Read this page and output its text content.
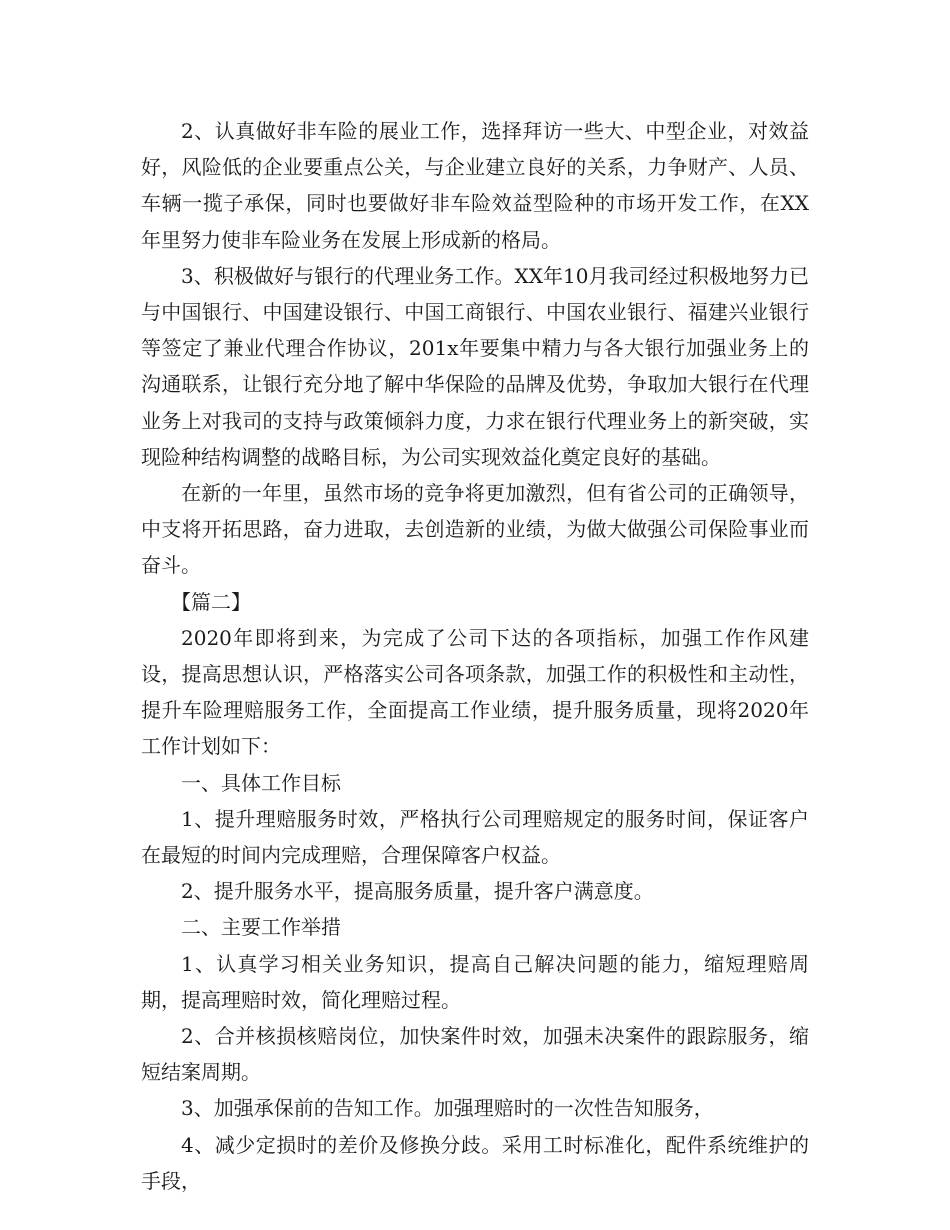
2、认真做好非车险的展业工作，选择拜访一些大、中型企业，对效益好，风险低的企业要重点公关，与企业建立良好的关系，力争财产、人员、车辆一揽子承保，同时也要做好非车险效益型险种的市场开发工作，在XX年里努力使非车险业务在发展上形成新的格局。

3、积极做好与银行的代理业务工作。XX年10月我司经过积极地努力已与中国银行、中国建设银行、中国工商银行、中国农业银行、福建兴业银行等签定了兼业代理合作协议，201x年要集中精力与各大银行加强业务上的沟通联系，让银行充分地了解中华保险的品牌及优势，争取加大银行在代理业务上对我司的支持与政策倾斜力度，力求在银行代理业务上的新突破，实现险种结构调整的战略目标，为公司实现效益化奠定良好的基础。

在新的一年里，虽然市场的竞争将更加激烈，但有省公司的正确领导，中支将开拓思路，奋力进取，去创造新的业绩，为做大做强公司保险事业而奋斗。

【篇二】

2020年即将到来，为完成了公司下达的各项指标，加强工作作风建设，提高思想认识，严格落实公司各项条款，加强工作的积极性和主动性，提升车险理赔服务工作，全面提高工作业绩，提升服务质量，现将2020年工作计划如下：

一、具体工作目标

1、提升理赔服务时效，严格执行公司理赔规定的服务时间，保证客户在最短的时间内完成理赔，合理保障客户权益。

2、提升服务水平，提高服务质量，提升客户满意度。

二、主要工作举措

1、认真学习相关业务知识，提高自己解决问题的能力，缩短理赔周期，提高理赔时效，简化理赔过程。

2、合并核损核赔岗位，加快案件时效，加强未决案件的跟踪服务，缩短结案周期。

3、加强承保前的告知工作。加强理赔时的一次性告知服务，

4、减少定损时的差价及修换分歧。采用工时标准化，配件系统维护的手段，
